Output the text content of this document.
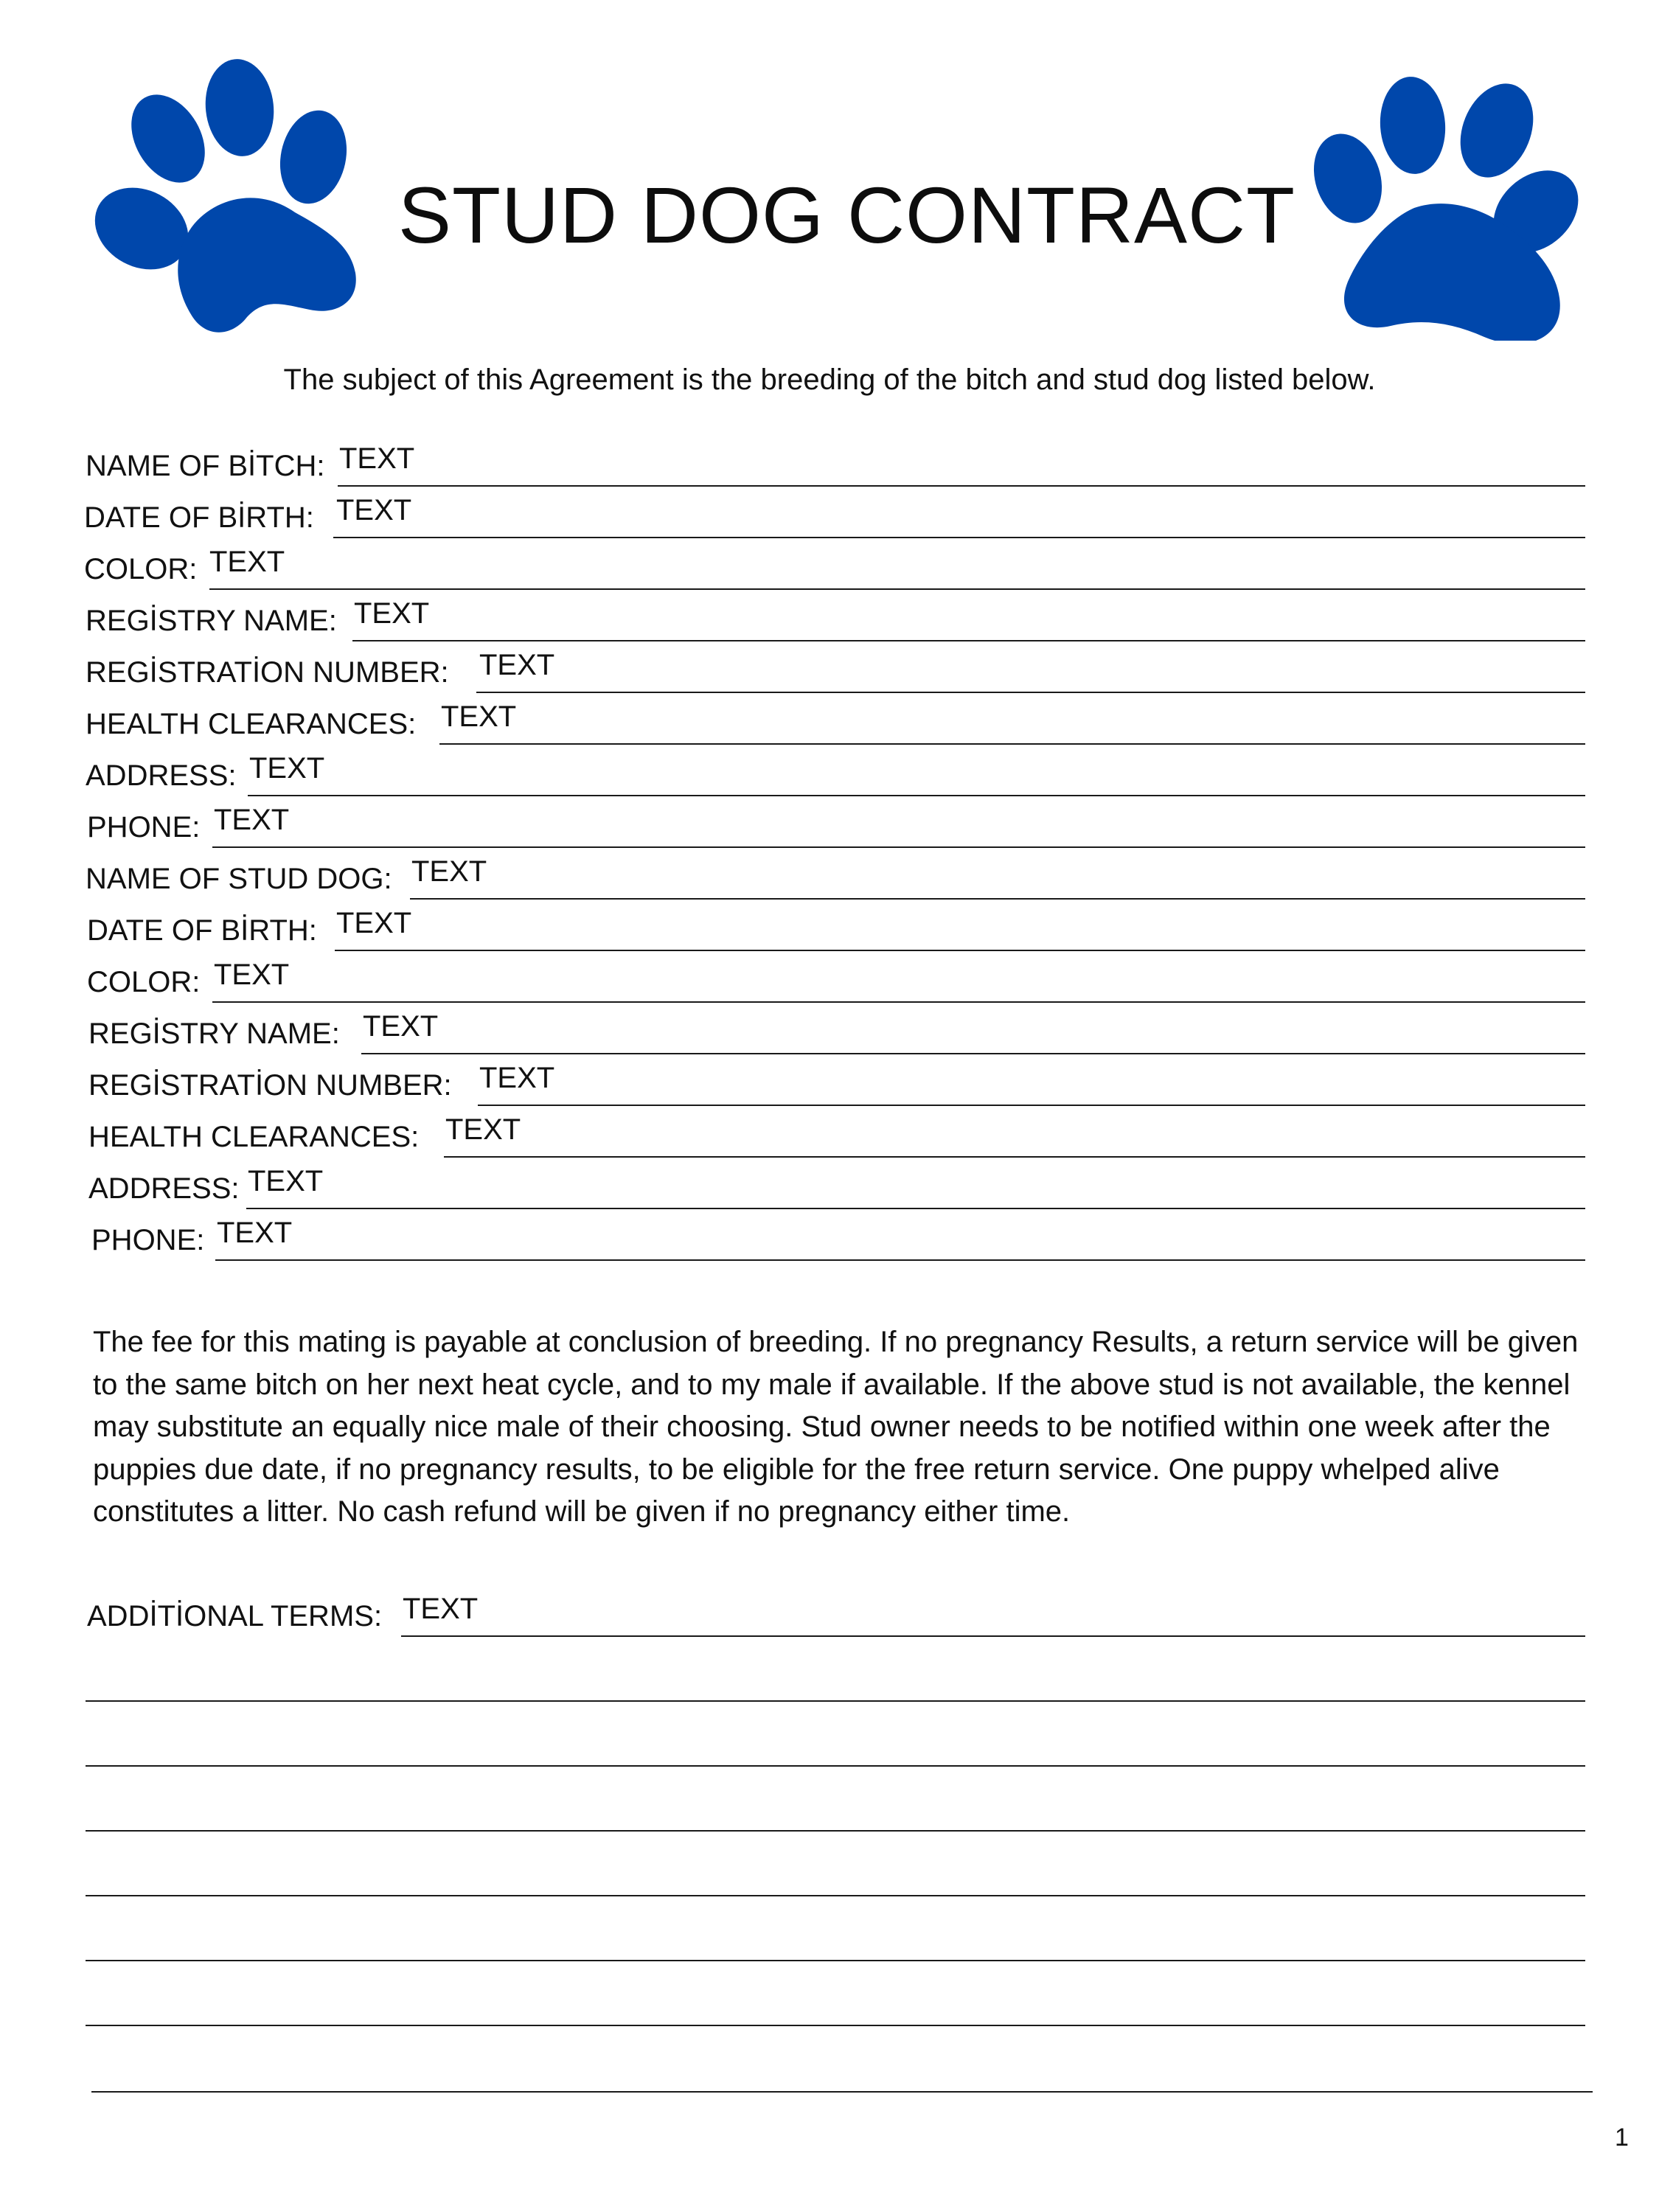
STUD DOG CONTRACT
The subject of this Agreement is the breeding of the bitch and stud dog listed below.
NAME OF BİTCH: TEXT
DATE OF BİRTH: TEXT
COLOR: TEXT
REGİSTRY NAME: TEXT
REGİSTRATİON NUMBER: TEXT
HEALTH CLEARANCES: TEXT
ADDRESS: TEXT
PHONE: TEXT
NAME OF STUD DOG: TEXT
DATE OF BİRTH: TEXT
COLOR: TEXT
REGİSTRY NAME: TEXT
REGİSTRATİON NUMBER: TEXT
HEALTH CLEARANCES: TEXT
ADDRESS: TEXT
PHONE: TEXT
The fee for this mating is payable at conclusion of breeding. If no pregnancy Results, a return service will be given to the same bitch on her next heat cycle, and to my male if available. If the above stud is not available, the kennel may substitute an equally nice male of their choosing. Stud owner needs to be notified within one week after the puppies due date, if no pregnancy results, to be eligible for the free return service. One puppy whelped alive constitutes a litter. No cash refund will be given if no pregnancy either time.
ADDİTİONAL TERMS: TEXT
1
